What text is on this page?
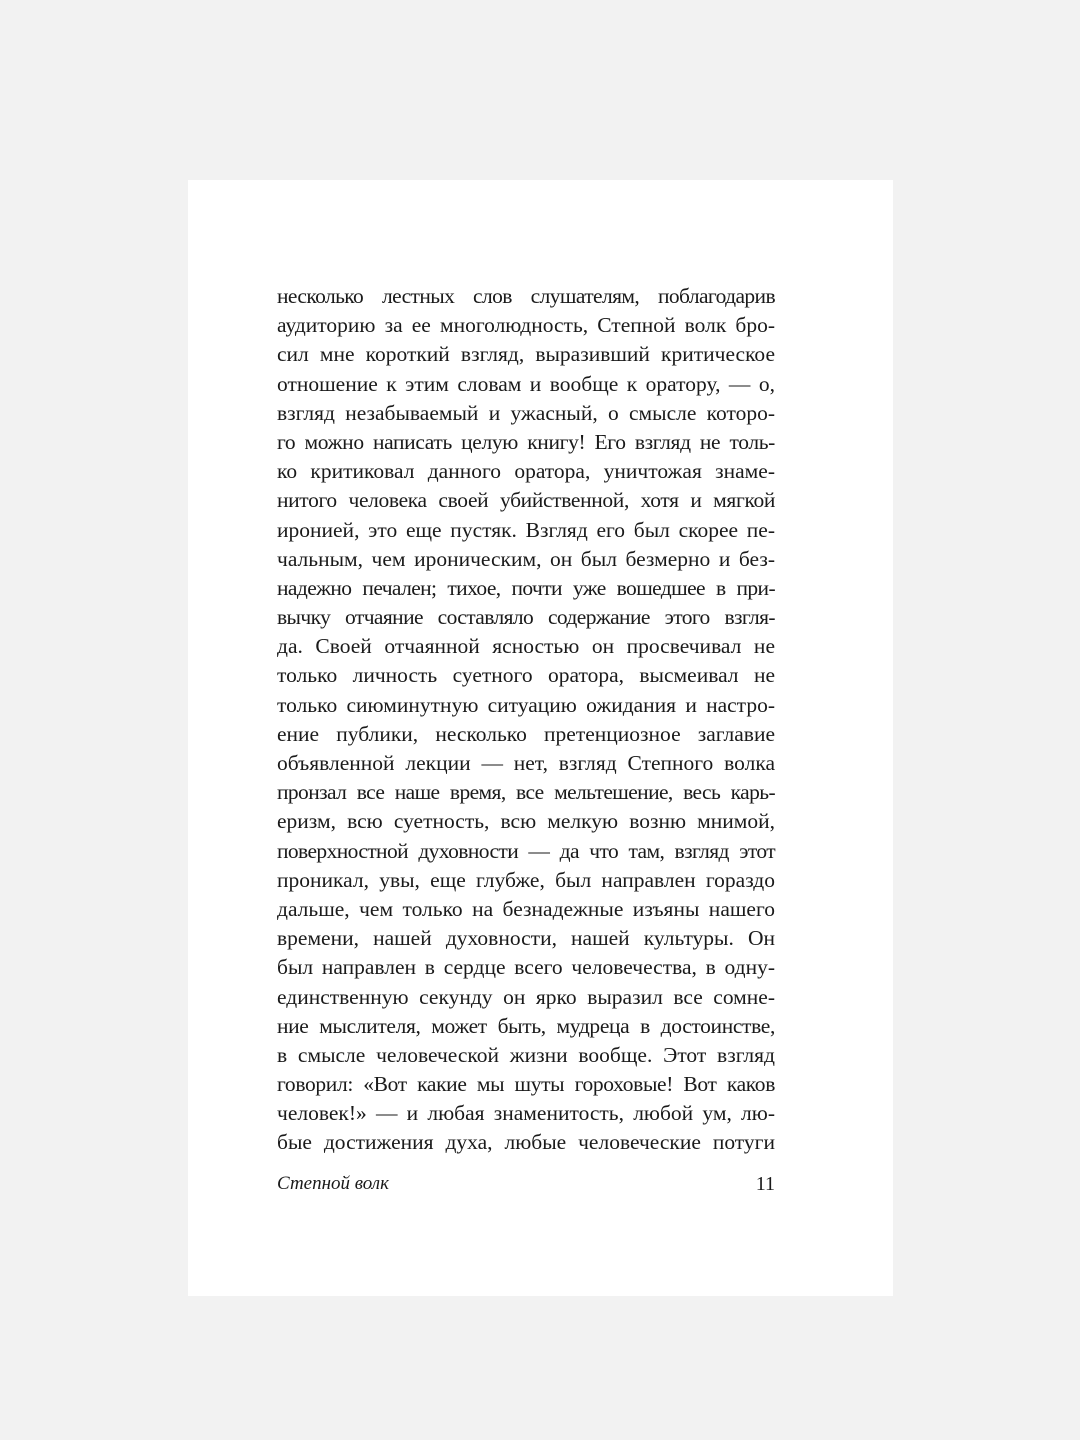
несколько лестных слов слушателям, поблагодарив
аудиторию за ее многолюдность, Степной волк бро-
сил мне короткий взгляд, выразивший критическое
отношение к этим словам и вообще к оратору, — о,
взгляд незабываемый и ужасный, о смысле которо-
го можно написать целую книгу! Его взгляд не толь-
ко критиковал данного оратора, уничтожая знаме-
нитого человека своей убийственной, хотя и мягкой
иронией, это еще пустяк. Взгляд его был скорее пе-
чальным, чем ироническим, он был безмерно и без-
надежно печален; тихое, почти уже вошедшее в при-
вычку отчаяние составляло содержание этого взгля-
да. Своей отчаянной ясностью он просвечивал не
только личность суетного оратора, высмеивал не
только сиюминутную ситуацию ожидания и настро-
ение публики, несколько претенциозное заглавие
объявленной лекции — нет, взгляд Степного волка
пронзал все наше время, все мельтешение, весь карь-
еризм, всю суетность, всю мелкую возню мнимой,
поверхностной духовности — да что там, взгляд этот
проникал, увы, еще глубже, был направлен гораздо
дальше, чем только на безнадежные изъяны нашего
времени, нашей духовности, нашей культуры. Он
был направлен в сердце всего человечества, в одну-
единственную секунду он ярко выразил все сомне-
ние мыслителя, может быть, мудреца в достоинстве,
в смысле человеческой жизни вообще. Этот взгляд
говорил: «Вот какие мы шуты гороховые! Вот каков
человек!» — и любая знаменитость, любой ум, лю-
бые достижения духа, любые человеческие потуги
Степной волк	11
